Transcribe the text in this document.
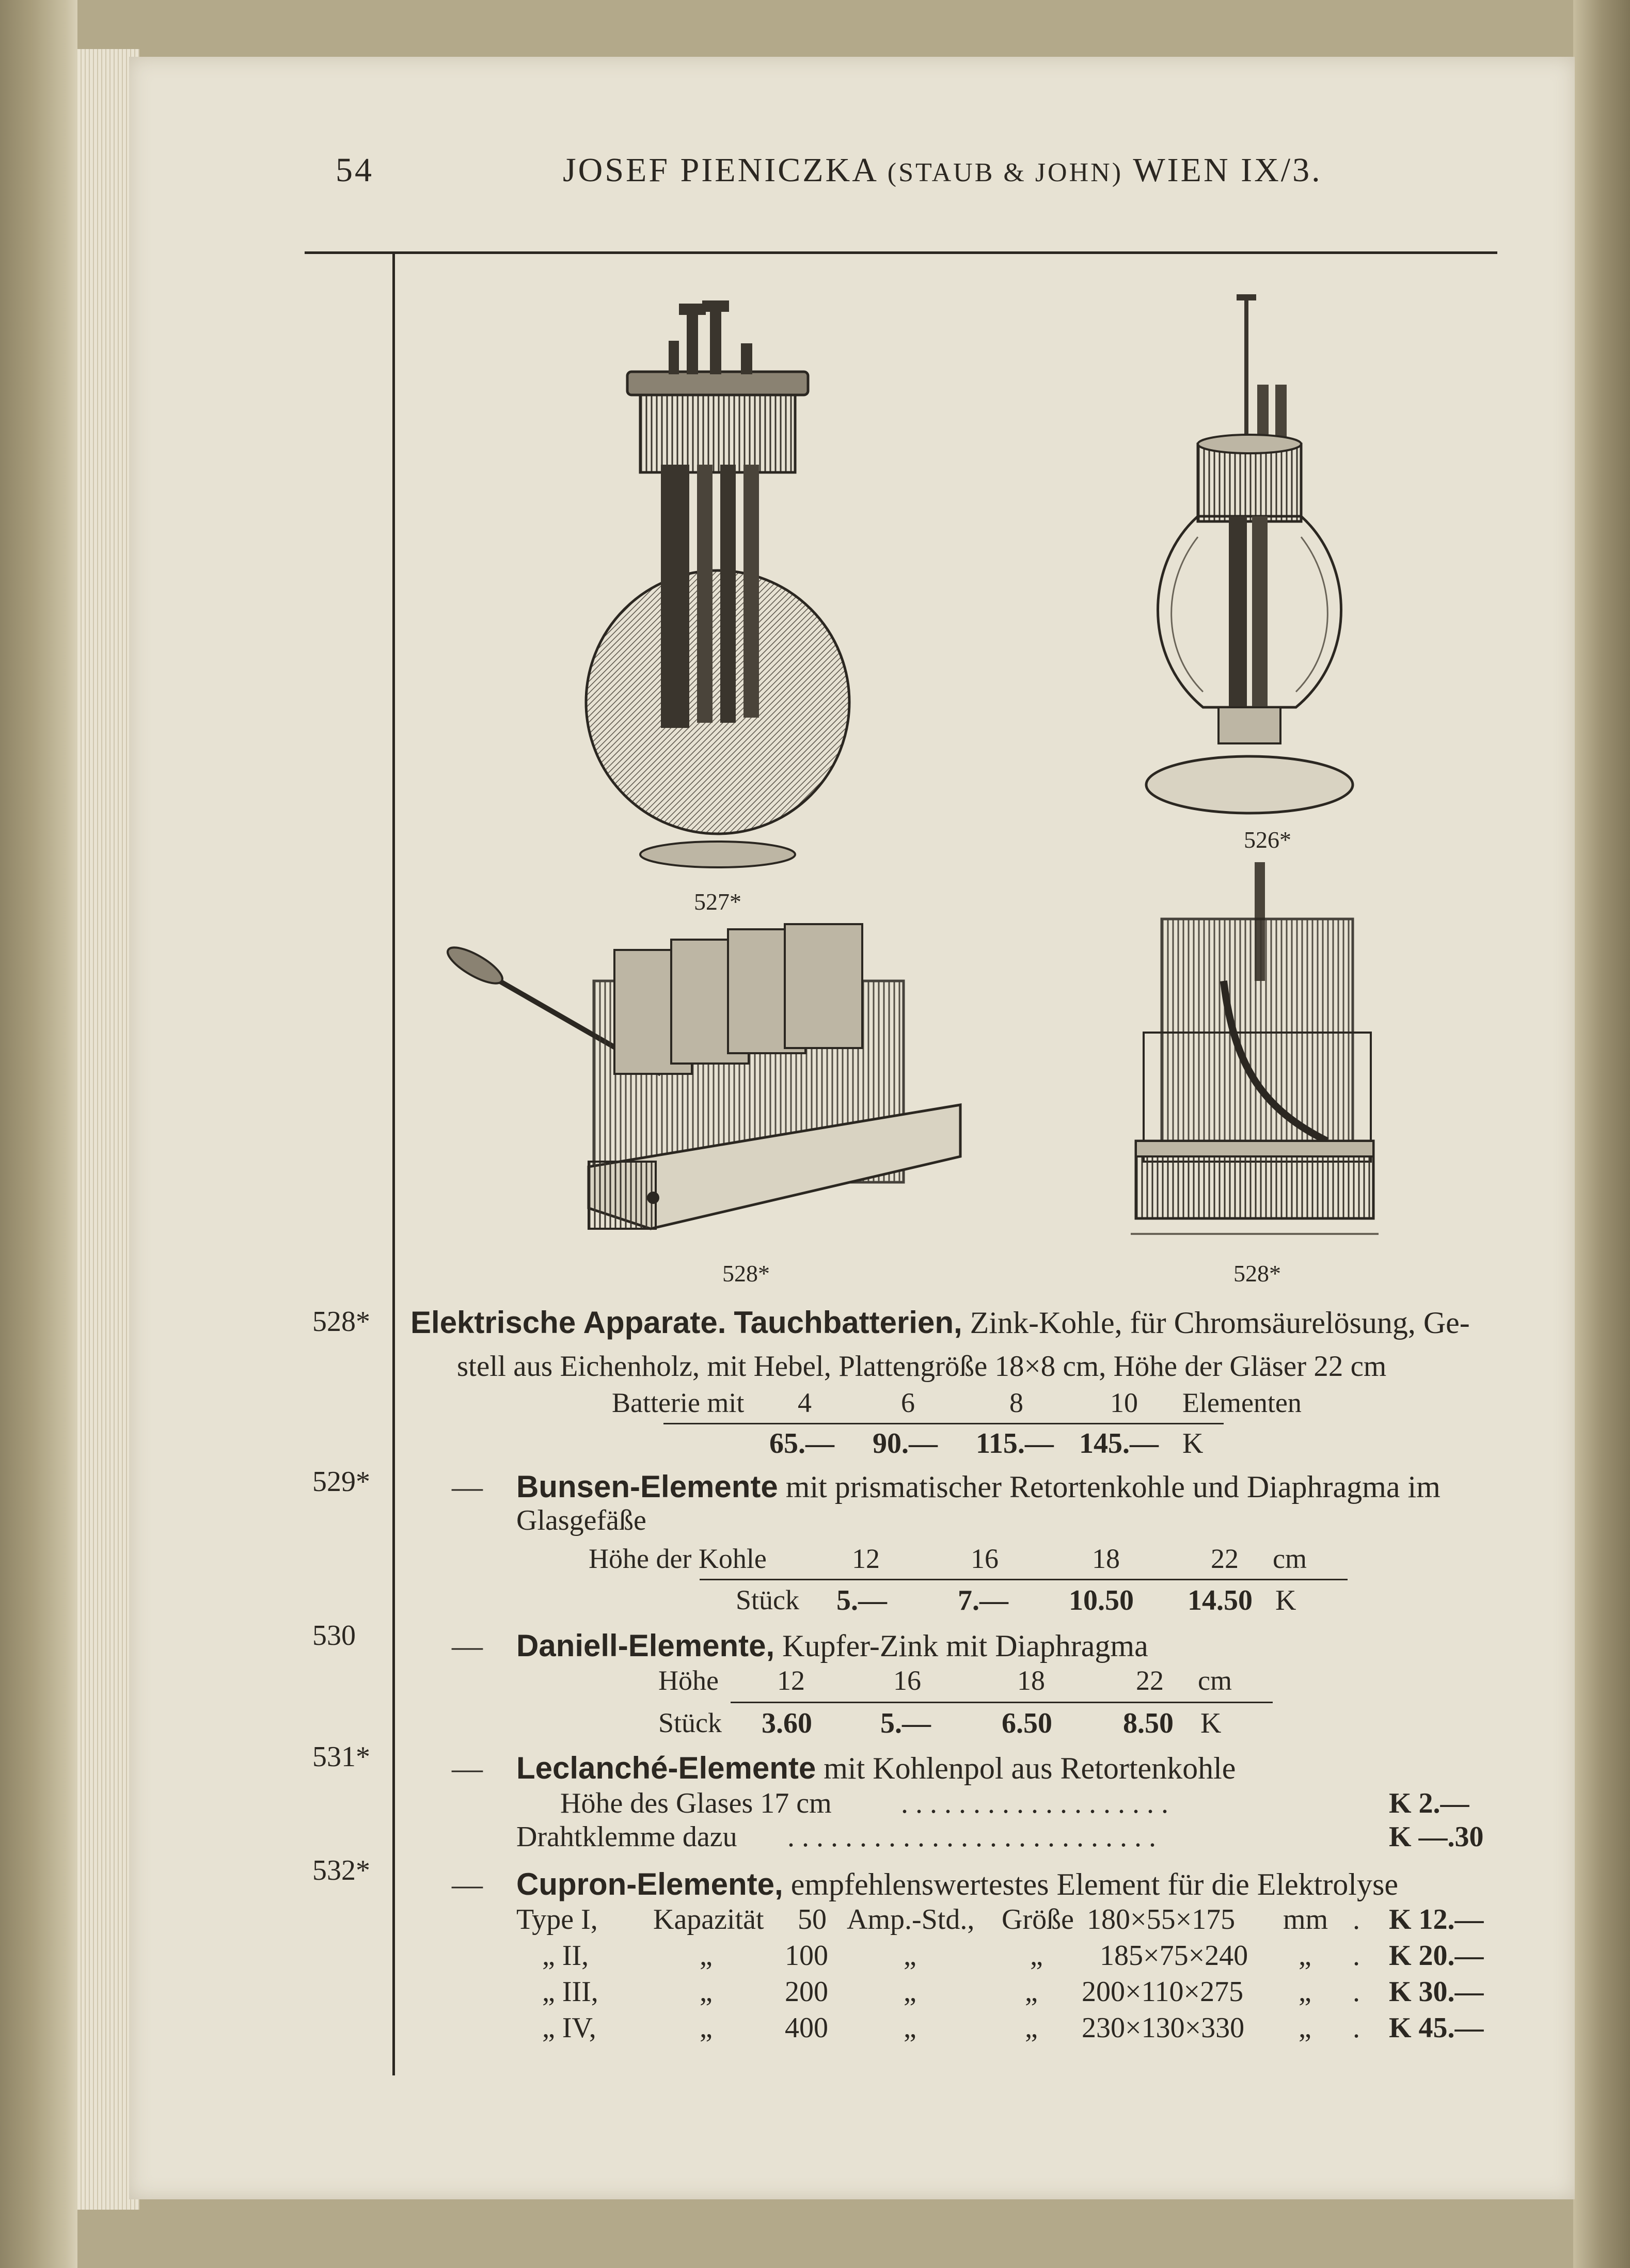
54	JOSEF PIENICZKA (STAUB & JOHN) WIEN IX/3.
527*
526*
528*	528*
528* Elektrische Apparate. Tauchbatterien, Zink-Kohle, für Chromsäurelösung, Ge-
stell aus Eichenholz, mit Hebel, Plattengröße 18×8 cm, Höhe der Gläser 22 cm
Batterie mit 4	6	8	10 Elementen
65.— 90.— 115.— 145.— K
529*	— Bunsen-Elemente mit prismatischer Retortenkohle und Diaphragma im
Glasgefäße
Höhe der Kohle	12	16	18	22 cm
Stück 5.— 7.— 10.50 14.50 K
530	— Daniell-Elemente, Kupfer-Zink mit Diaphragma
Höhe 12	16	18	22 cm
Stück 3.60 5.— 6.50 8.50 K
531*	— Leclanché-Elemente mit Kohlenpol aus Retortenkohle
Höhe des Glases 17 cm ...................	K 2.—
Drahtklemme dazu ..........................	K —.30
532*	— Cupron-Elemente, empfehlenswertestes Element für die Elektrolyse
Type I, Kapazität 50 Amp.-Std., Größe 180×55×175 mm . K 12.—
„ II,	„	100	„	„ 185×75×240 „ . K 20.—
„ III,	„	200	„	„ 200×110×275 „ . K 30.—
„ IV,	„	400	„	„ 230×130×330 „ . K 45.—
